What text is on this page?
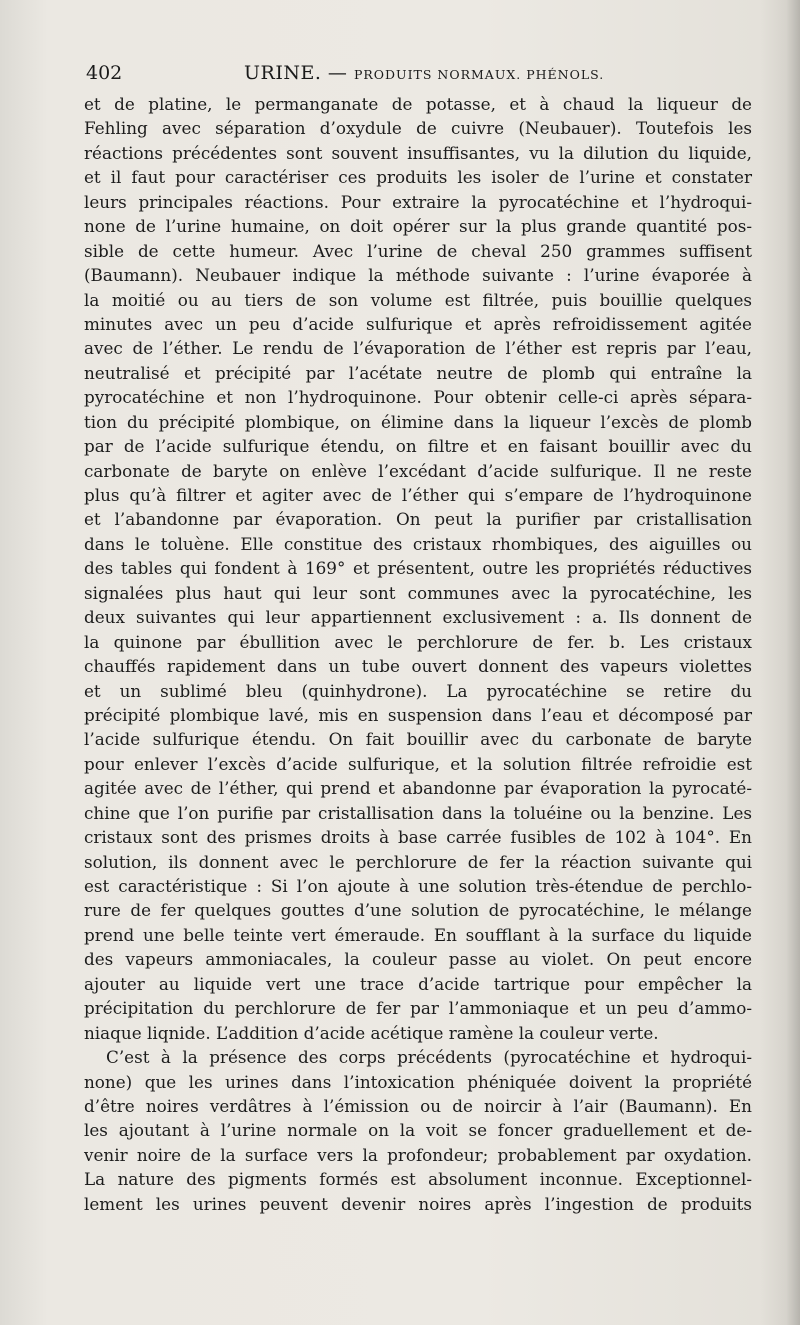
402	URINE. — PRODUITS NORMAUX. PHÉNOLS.
et de platine, le permanganate de potasse, et à chaud la liqueur de
Fehling avec séparation d’oxydule de cuivre (Neubauer). Toutefois les
réactions précédentes sont souvent insuffisantes, vu la dilution du liquide,
et il faut pour caractériser ces produits les isoler de l’urine et constater
leurs principales réactions. Pour extraire la pyrocatéchine et l’hydroqui-
none de l’urine humaine, on doit opérer sur la plus grande quantité pos-
sible de cette humeur. Avec l’urine de cheval 250 grammes suffisent
(Baumann). Neubauer indique la méthode suivante : l’urine évaporée à
la moitié ou au tiers de son volume est filtrée, puis bouillie quelques
minutes avec un peu d’acide sulfurique et après refroidissement agitée
avec de l’éther. Le rendu de l’évaporation de l’éther est repris par l’eau,
neutralisé et précipité par l’acétate neutre de plomb qui entraîne la
pyrocatéchine et non l’hydroquinone. Pour obtenir celle-ci après sépara-
tion du précipité plombique, on élimine dans la liqueur l’excès de plomb
par de l’acide sulfurique étendu, on filtre et en faisant bouillir avec du
carbonate de baryte on enlève l’excédant d’acide sulfurique. Il ne reste
plus qu’à filtrer et agiter avec de l’éther qui s’empare de l’hydroquinone
et l’abandonne par évaporation. On peut la purifier par cristallisation
dans le toluène. Elle constitue des cristaux rhombiques, des aiguilles ou
des tables qui fondent à 169° et présentent, outre les propriétés réductives
signalées plus haut qui leur sont communes avec la pyrocatéchine, les
deux suivantes qui leur appartiennent exclusivement : a. Ils donnent de
la quinone par ébullition avec le perchlorure de fer. b. Les cristaux
chauffés rapidement dans un tube ouvert donnent des vapeurs violettes
et un sublimé bleu (quinhydrone). La pyrocatéchine se retire du
précipité plombique lavé, mis en suspension dans l’eau et décomposé par
l’acide sulfurique étendu. On fait bouillir avec du carbonate de baryte
pour enlever l’excès d’acide sulfurique, et la solution filtrée refroidie est
agitée avec de l’éther, qui prend et abandonne par évaporation la pyrocaté-
chine que l’on purifie par cristallisation dans la toluéine ou la benzine. Les
cristaux sont des prismes droits à base carrée fusibles de 102 à 104°. En
solution, ils donnent avec le perchlorure de fer la réaction suivante qui
est caractéristique : Si l’on ajoute à une solution très-étendue de perchlo-
rure de fer quelques gouttes d’une solution de pyrocatéchine, le mélange
prend une belle teinte vert émeraude. En soufflant à la surface du liquide
des vapeurs ammoniacales, la couleur passe au violet. On peut encore
ajouter au liquide vert une trace d’acide tartrique pour empêcher la
précipitation du perchlorure de fer par l’ammoniaque et un peu d’ammo-
niaque liqnide. L’addition d’acide acétique ramène la couleur verte.
C’est à la présence des corps précédents (pyrocatéchine et hydroqui-
none) que les urines dans l’intoxication phéniquée doivent la propriété
d’être noires verdâtres à l’émission ou de noircir à l’air (Baumann). En
les ajoutant à l’urine normale on la voit se foncer graduellement et de-
venir noire de la surface vers la profondeur; probablement par oxydation.
La nature des pigments formés est absolument inconnue. Exceptionnel-
lement les urines peuvent devenir noires après l’ingestion de produits
